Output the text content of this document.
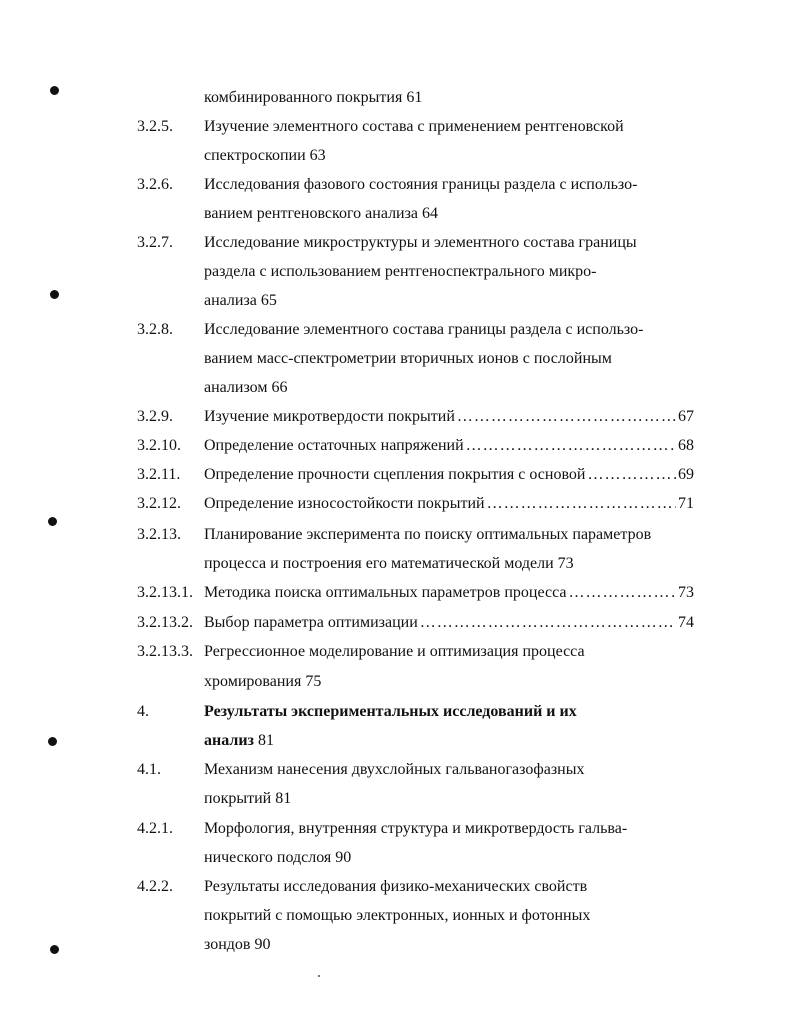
комбинированного покрытия 61
3.2.5.	Изучение элементного состава с применением рентгеновской
спектроскопии 63
3.2.6.	Исследования фазового состояния границы раздела с использо-
ванием рентгеновского анализа 64
3.2.7.	Исследование микроструктуры и элементного состава границы
раздела с использованием рентгеноспектрального микро-
анализа 65
3.2.8.	Исследование элементного состава границы раздела с использо-
ванием масс-спектрометрии вторичных ионов с послойным
анализом 66
3.2.9.	Изучение микротвердости покрытий …………………………………………………………………………………………………………………………………………………………………………	67
3.2.10.	Определение остаточных напряжений …………………………………………………………………………………………………………………………………………………………………………	68
3.2.11.	Определение прочности сцепления покрытия с основой …………………………………………………………………………………………………………………………………………………………………………	69
3.2.12.	Определение износостойкости покрытий …………………………………………………………………………………………………………………………………………………………………………	71
3.2.13.	Планирование эксперимента по поиску оптимальных параметров
процесса и построения его математической модели 73
3.2.13.1. Методика поиска оптимальных параметров процесса …………………………………………………………………………………………………………………………………………………………………………	73
3.2.13.2. Выбор параметра оптимизации …………………………………………………………………………………………………………………………………………………………………………	74
3.2.13.3. Регрессионное моделирование и оптимизация процесса
хромирования 75
4.	Результаты экспериментальных исследований и их
анализ 81
4.1.	Механизм нанесения двухслойных гальваногазофазных
покрытий 81
4.2.1.	Морфология, внутренняя структура и микротвердость гальва-
нического подслоя 90
4.2.2.	Результаты исследования физико-механических свойств
покрытий с помощью электронных, ионных и фотонных
зондов 90
